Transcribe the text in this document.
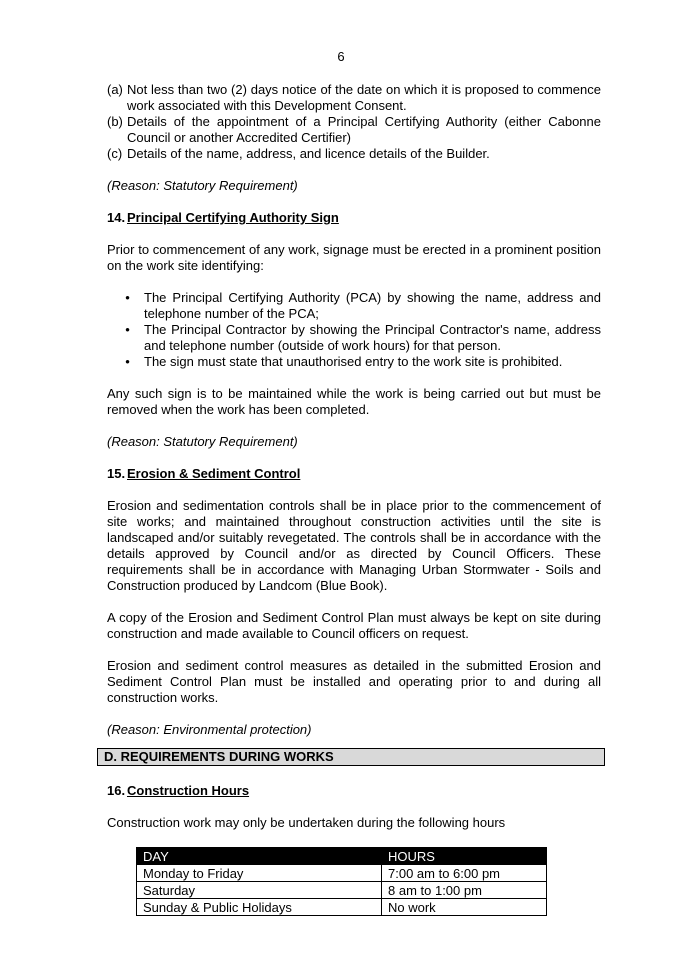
6
(a) Not less than two (2) days notice of the date on which it is proposed to commence work associated with this Development Consent.
(b) Details of the appointment of a Principal Certifying Authority (either Cabonne Council or another Accredited Certifier)
(c) Details of the name, address, and licence details of the Builder.

(Reason: Statutory Requirement)

14. Principal Certifying Authority Sign

Prior to commencement of any work, signage must be erected in a prominent position on the work site identifying:

•	The Principal Certifying Authority (PCA) by showing the name, address and telephone number of the PCA;
•	The Principal Contractor by showing the Principal Contractor's name, address and telephone number (outside of work hours) for that person.
•	The sign must state that unauthorised entry to the work site is prohibited.

Any such sign is to be maintained while the work is being carried out but must be removed when the work has been completed.

(Reason: Statutory Requirement)

15. Erosion & Sediment Control

Erosion and sedimentation controls shall be in place prior to the commencement of site works; and maintained throughout construction activities until the site is landscaped and/or suitably revegetated. The controls shall be in accordance with the details approved by Council and/or as directed by Council Officers. These requirements shall be in accordance with Managing Urban Stormwater - Soils and Construction produced by Landcom (Blue Book).

A copy of the Erosion and Sediment Control Plan must always be kept on site during construction and made available to Council officers on request.

Erosion and sediment control measures as detailed in the submitted Erosion and Sediment Control Plan must be installed and operating prior to and during all construction works.

(Reason: Environmental protection)

D. REQUIREMENTS DURING WORKS
16. Construction Hours

Construction work may only be undertaken during the following hours

DAY	HOURS
Monday to Friday	7:00 am to 6:00 pm
Saturday	8 am to 1:00 pm
Sunday & Public Holidays	No work
